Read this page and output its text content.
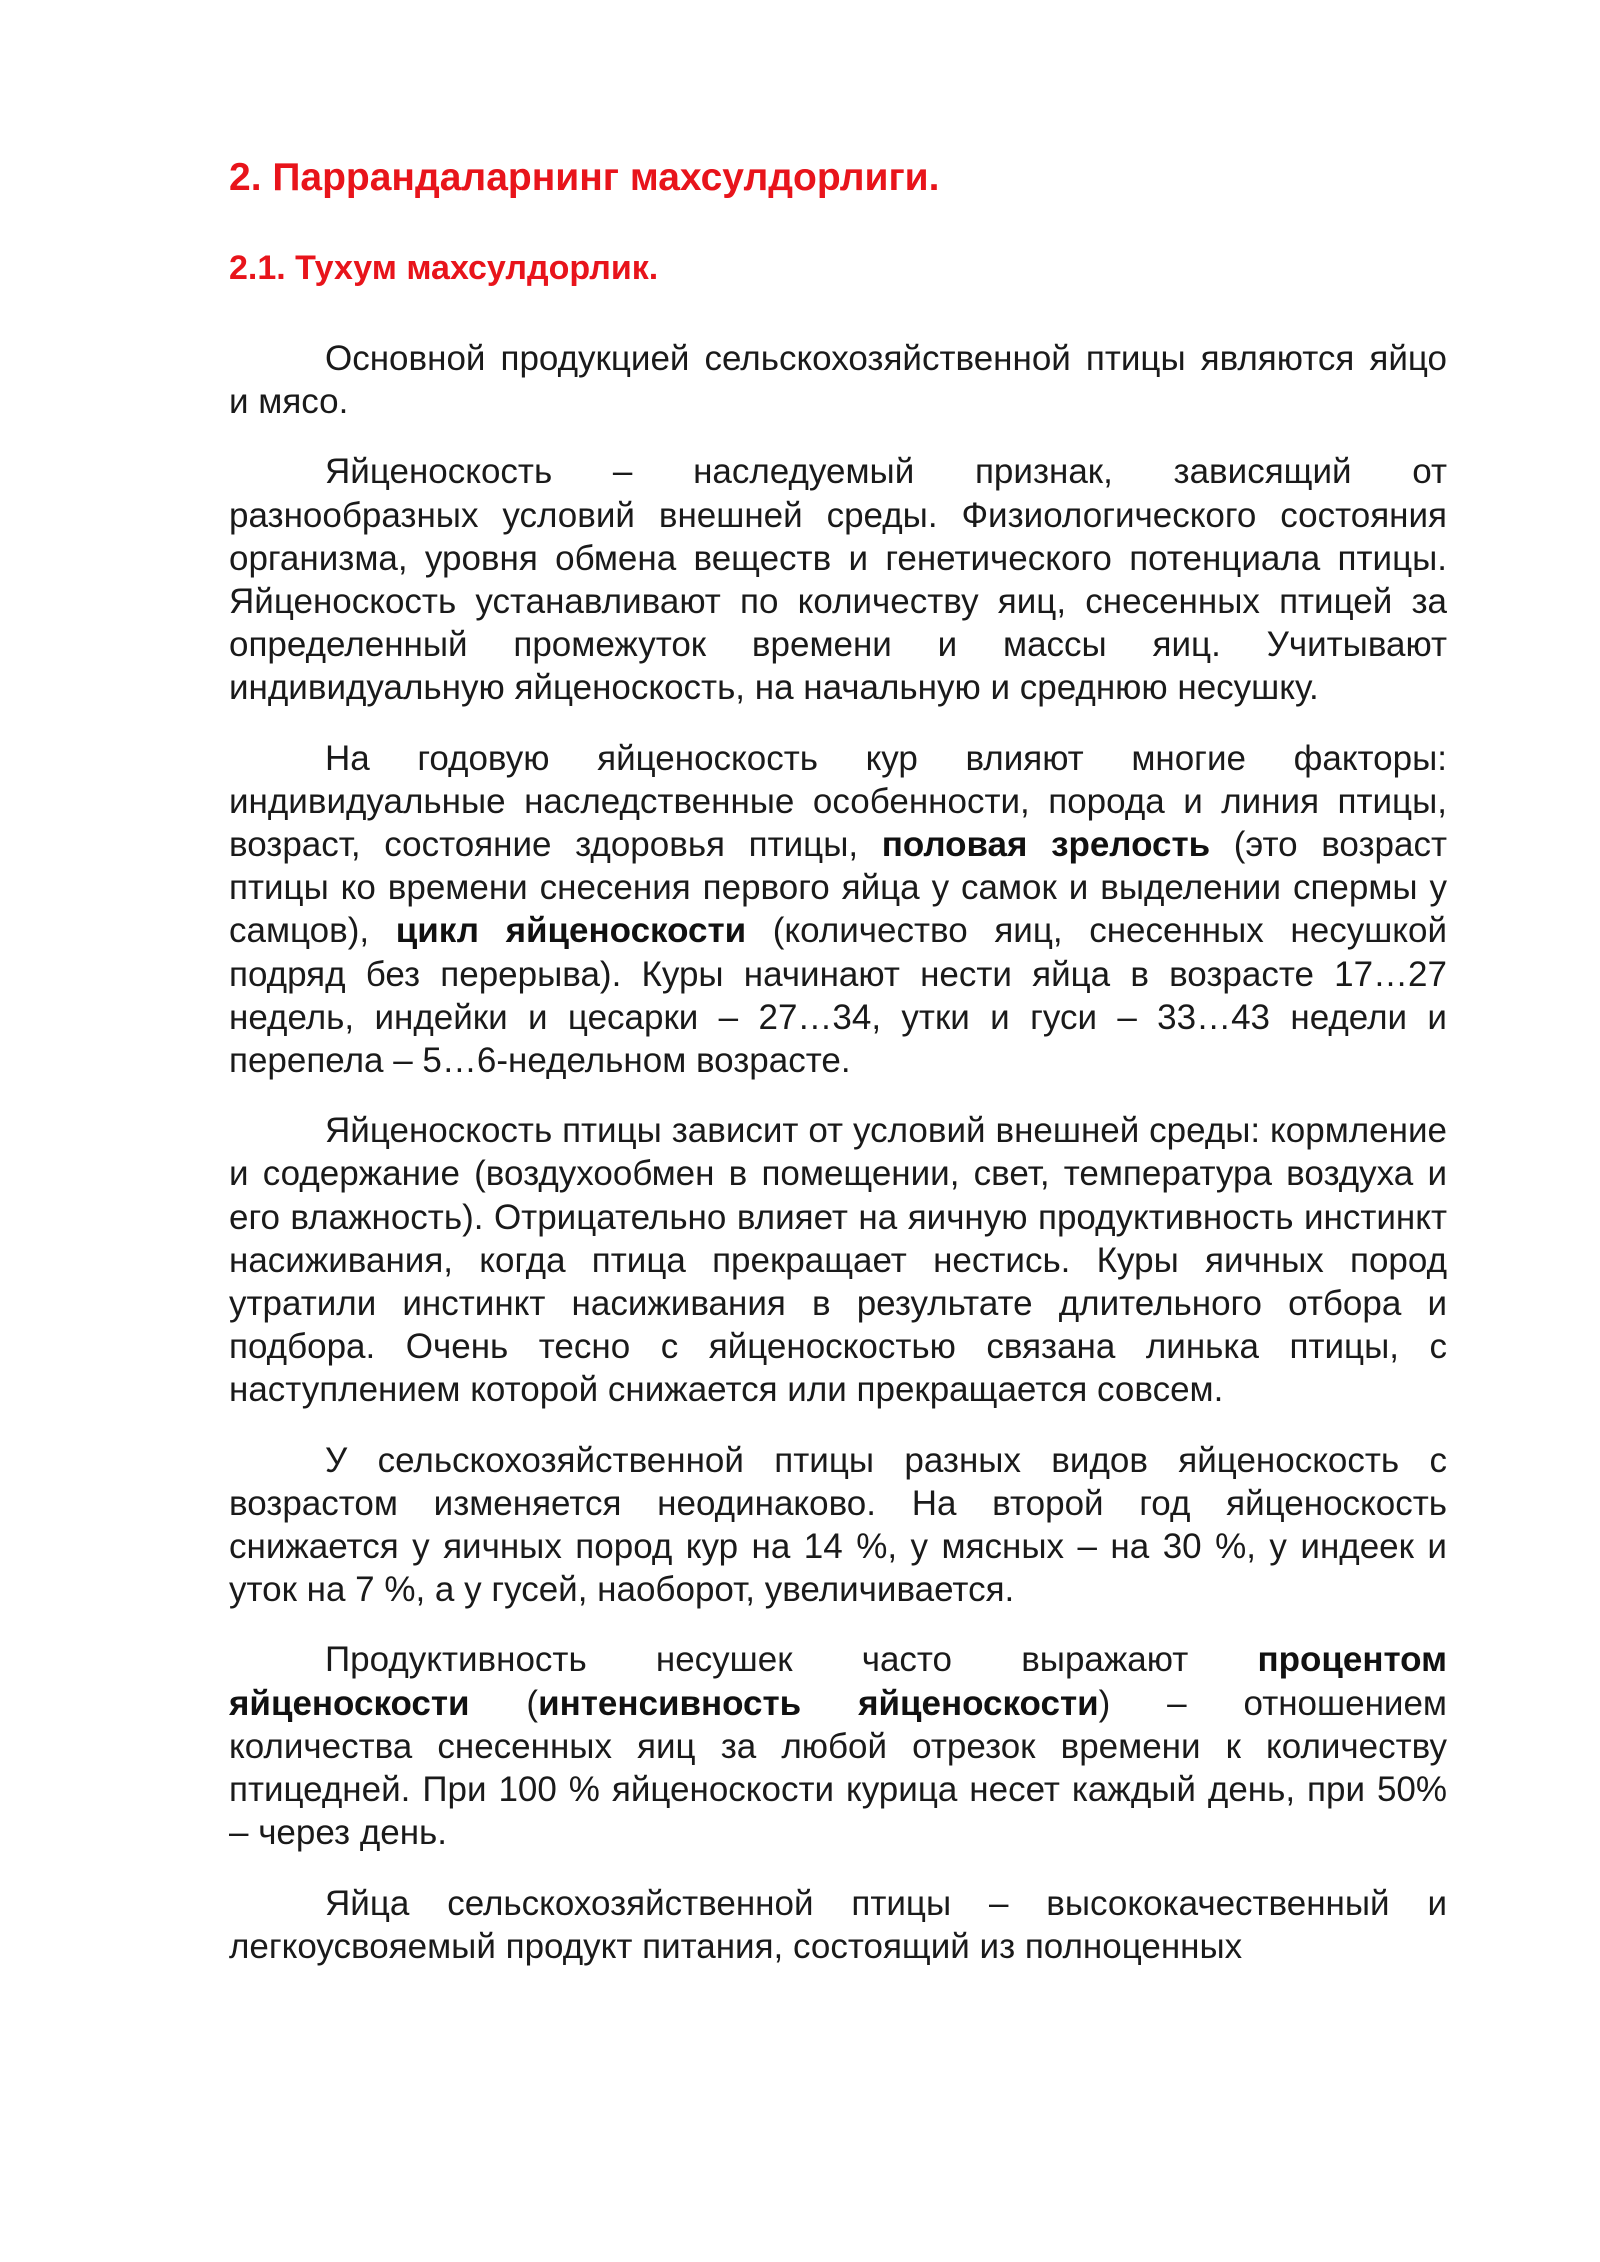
2. Паррандаларнинг махсулдорлиги.
2.1. Тухум махсулдорлик.

Основной продукцией сельскохозяйственной птицы являются яйцо и мясо.

Яйценоскость – наследуемый признак, зависящий от разнообразных условий внешней среды. Физиологического состояния организма, уровня обмена веществ и генетического потенциала птицы. Яйценоскость устанавливают по количеству яиц, снесенных птицей за определенный промежуток времени и массы яиц. Учитывают индивидуальную яйценоскость, на начальную и среднюю несушку.

На годовую яйценоскость кур влияют многие факторы: индивидуальные наследственные особенности, порода и линия птицы, возраст, состояние здоровья птицы, половая зрелость (это возраст птицы ко времени снесения первого яйца у самок и выделении спермы у самцов), цикл яйценоскости (количество яиц, снесенных несушкой подряд без перерыва). Куры начинают нести яйца в возрасте 17…27 недель, индейки и цесарки – 27…34, утки и гуси – 33…43 недели и перепела – 5…6-недельном возрасте.

Яйценоскость птицы зависит от условий внешней среды: кормление и содержание (воздухообмен в помещении, свет, температура воздуха и его влажность). Отрицательно влияет на яичную продуктивность инстинкт насиживания, когда птица прекращает нестись. Куры яичных пород утратили инстинкт насиживания в результате длительного отбора и подбора. Очень тесно с яйценоскостью связана линька птицы, с наступлением которой снижается или прекращается совсем.

У сельскохозяйственной птицы разных видов яйценоскость с возрастом изменяется неодинаково. На второй год яйценоскость снижается у яичных пород кур на 14 %, у мясных – на 30 %, у индеек и уток на 7 %, а у гусей, наоборот, увеличивается.

Продуктивность несушек часто выражают процентом яйценоскости (интенсивность яйценоскости) – отношением количества снесенных яиц за любой отрезок времени к количеству птицедней. При 100 % яйценоскости курица несет каждый день, при 50% – через день.

Яйца сельскохозяйственной птицы – высококачественный и легкоусвояемый продукт питания, состоящий из полноценных
